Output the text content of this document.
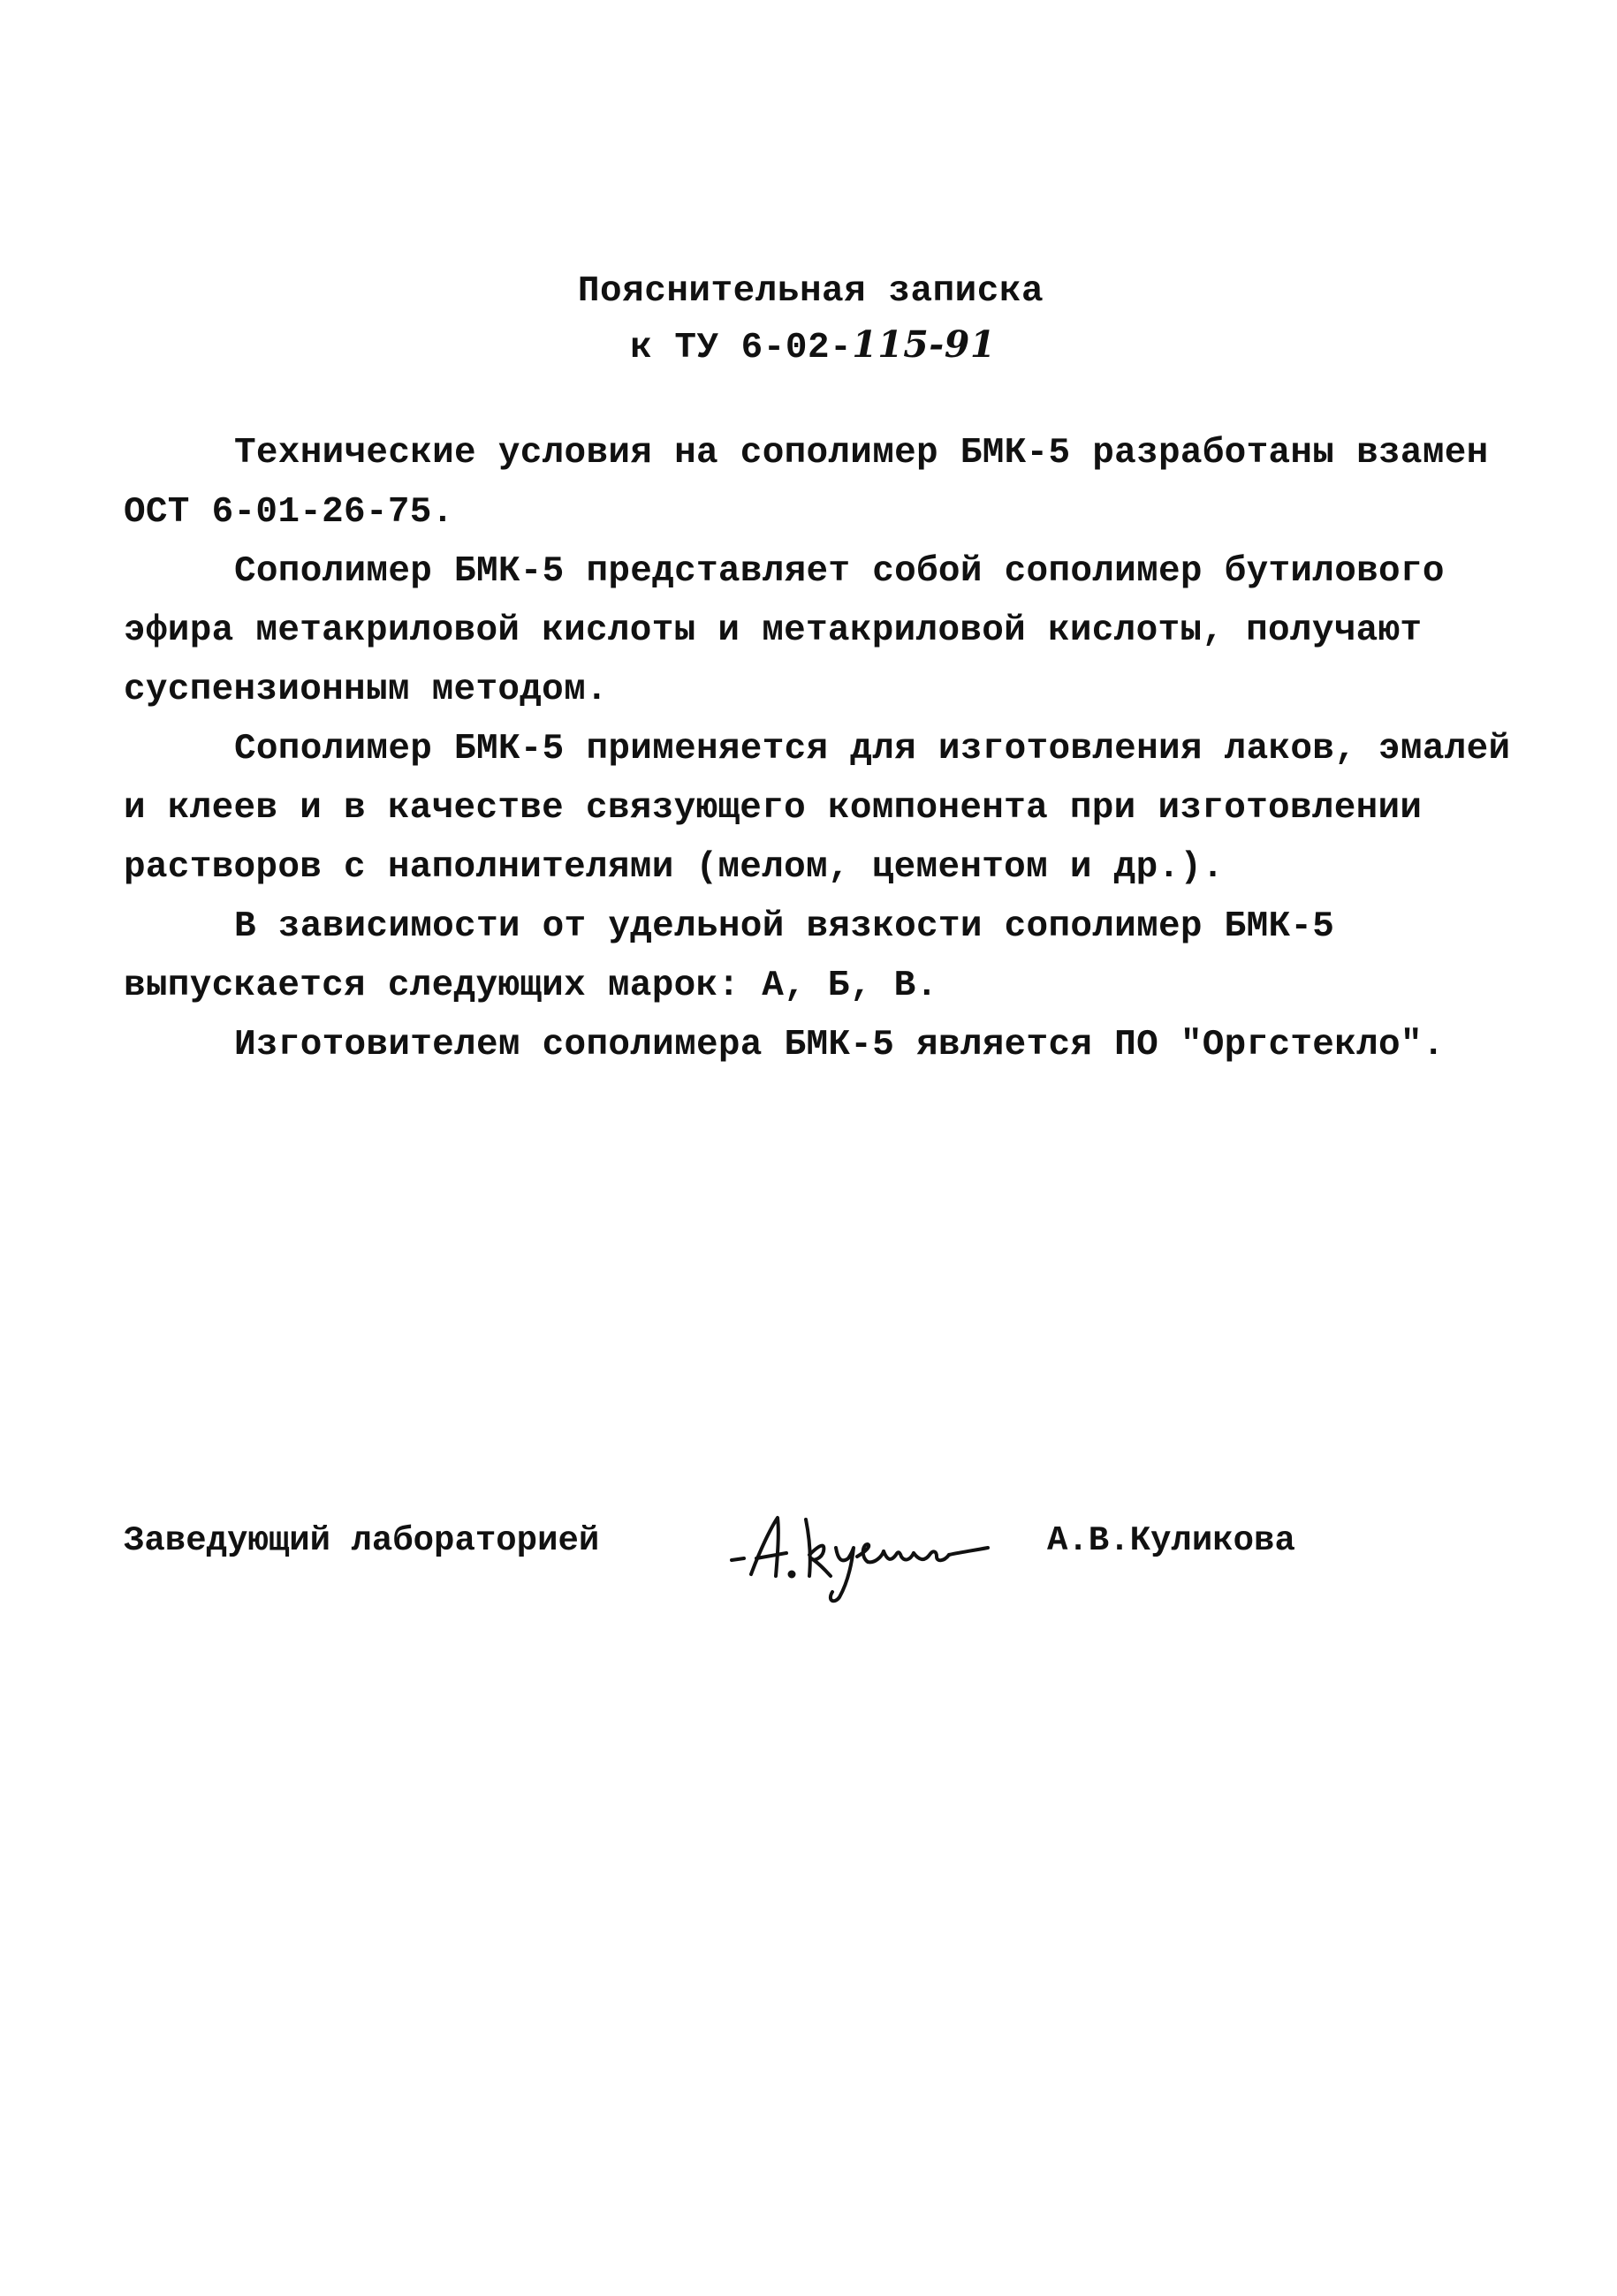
Пояснительная записка
к ТУ 6-02-115-91

Технические условия на сополимер БМК-5 разработаны взамен ОСТ 6-01-26-75.

Сополимер БМК-5 представляет собой сополимер бутилового эфира метакриловой кислоты и метакриловой кислоты, получают суспензионным методом.

Сополимер БМК-5 применяется для изготовления лаков, эмалей и клеев и в качестве связующего компонента при изготовлении растворов с наполнителями (мелом, цементом и др.).

В зависимости от удельной вязкости сополимер БМК-5 выпускается следующих марок: А, Б, В.

Изготовителем сополимера БМК-5 является ПО "Оргстекло".

Заведующий лабораторией	А.В.Куликова
